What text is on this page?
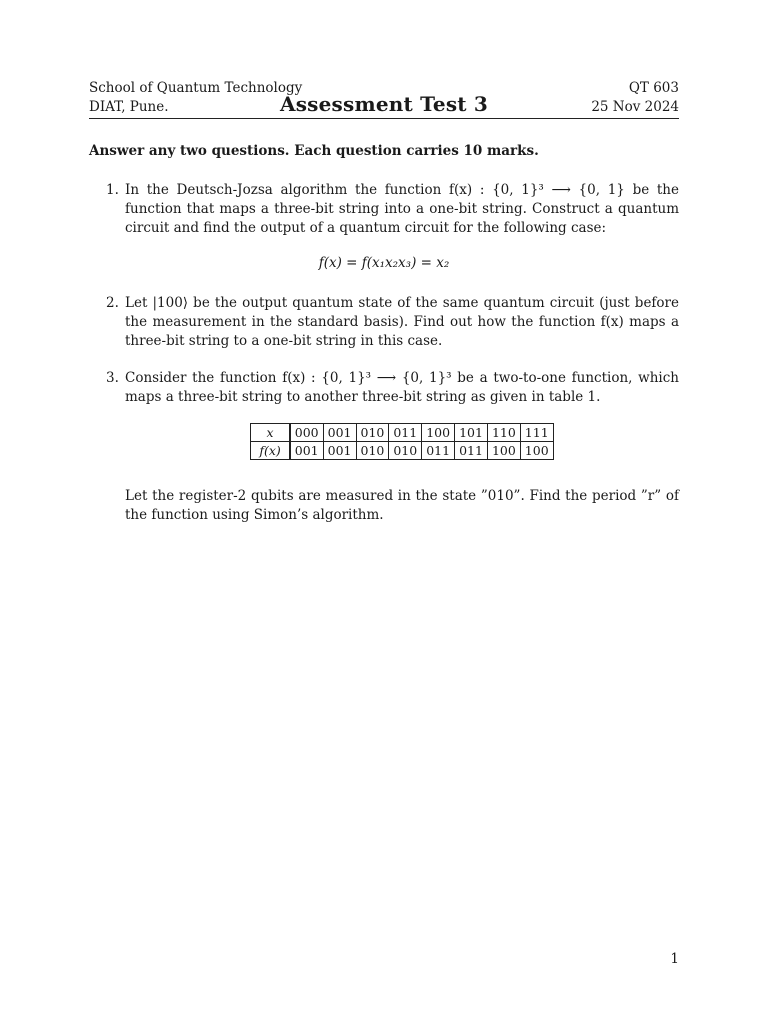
School of Quantum Technology
DIAT, Pune.	Assessment Test 3
QT 603
25 Nov 2024
Answer any two questions. Each question carries 10 marks.
1. In the Deutsch-Jozsa algorithm the function f(x) : {0, 1}³ ⟶ {0, 1} be the function that maps a three-bit string into a one-bit string. Construct a quantum circuit and find the output of a quantum circuit for the following case:
f(x) = f(x₁x₂x₃) = x₂
2. Let |100⟩ be the output quantum state of the same quantum circuit (just before the measurement in the standard basis). Find out how the function f(x) maps a three-bit string to a one-bit string in this case.
3. Consider the function f(x) : {0, 1}³ ⟶ {0, 1}³ be a two-to-one function, which maps a three-bit string to another three-bit string as given in table 1.
x	000	001	010	011	100	101	110	111
f(x)	001	001	010	010	011	011	100	100
Let the register-2 qubits are measured in the state ”010”. Find the period ”r” of the function using Simon’s algorithm.
1
